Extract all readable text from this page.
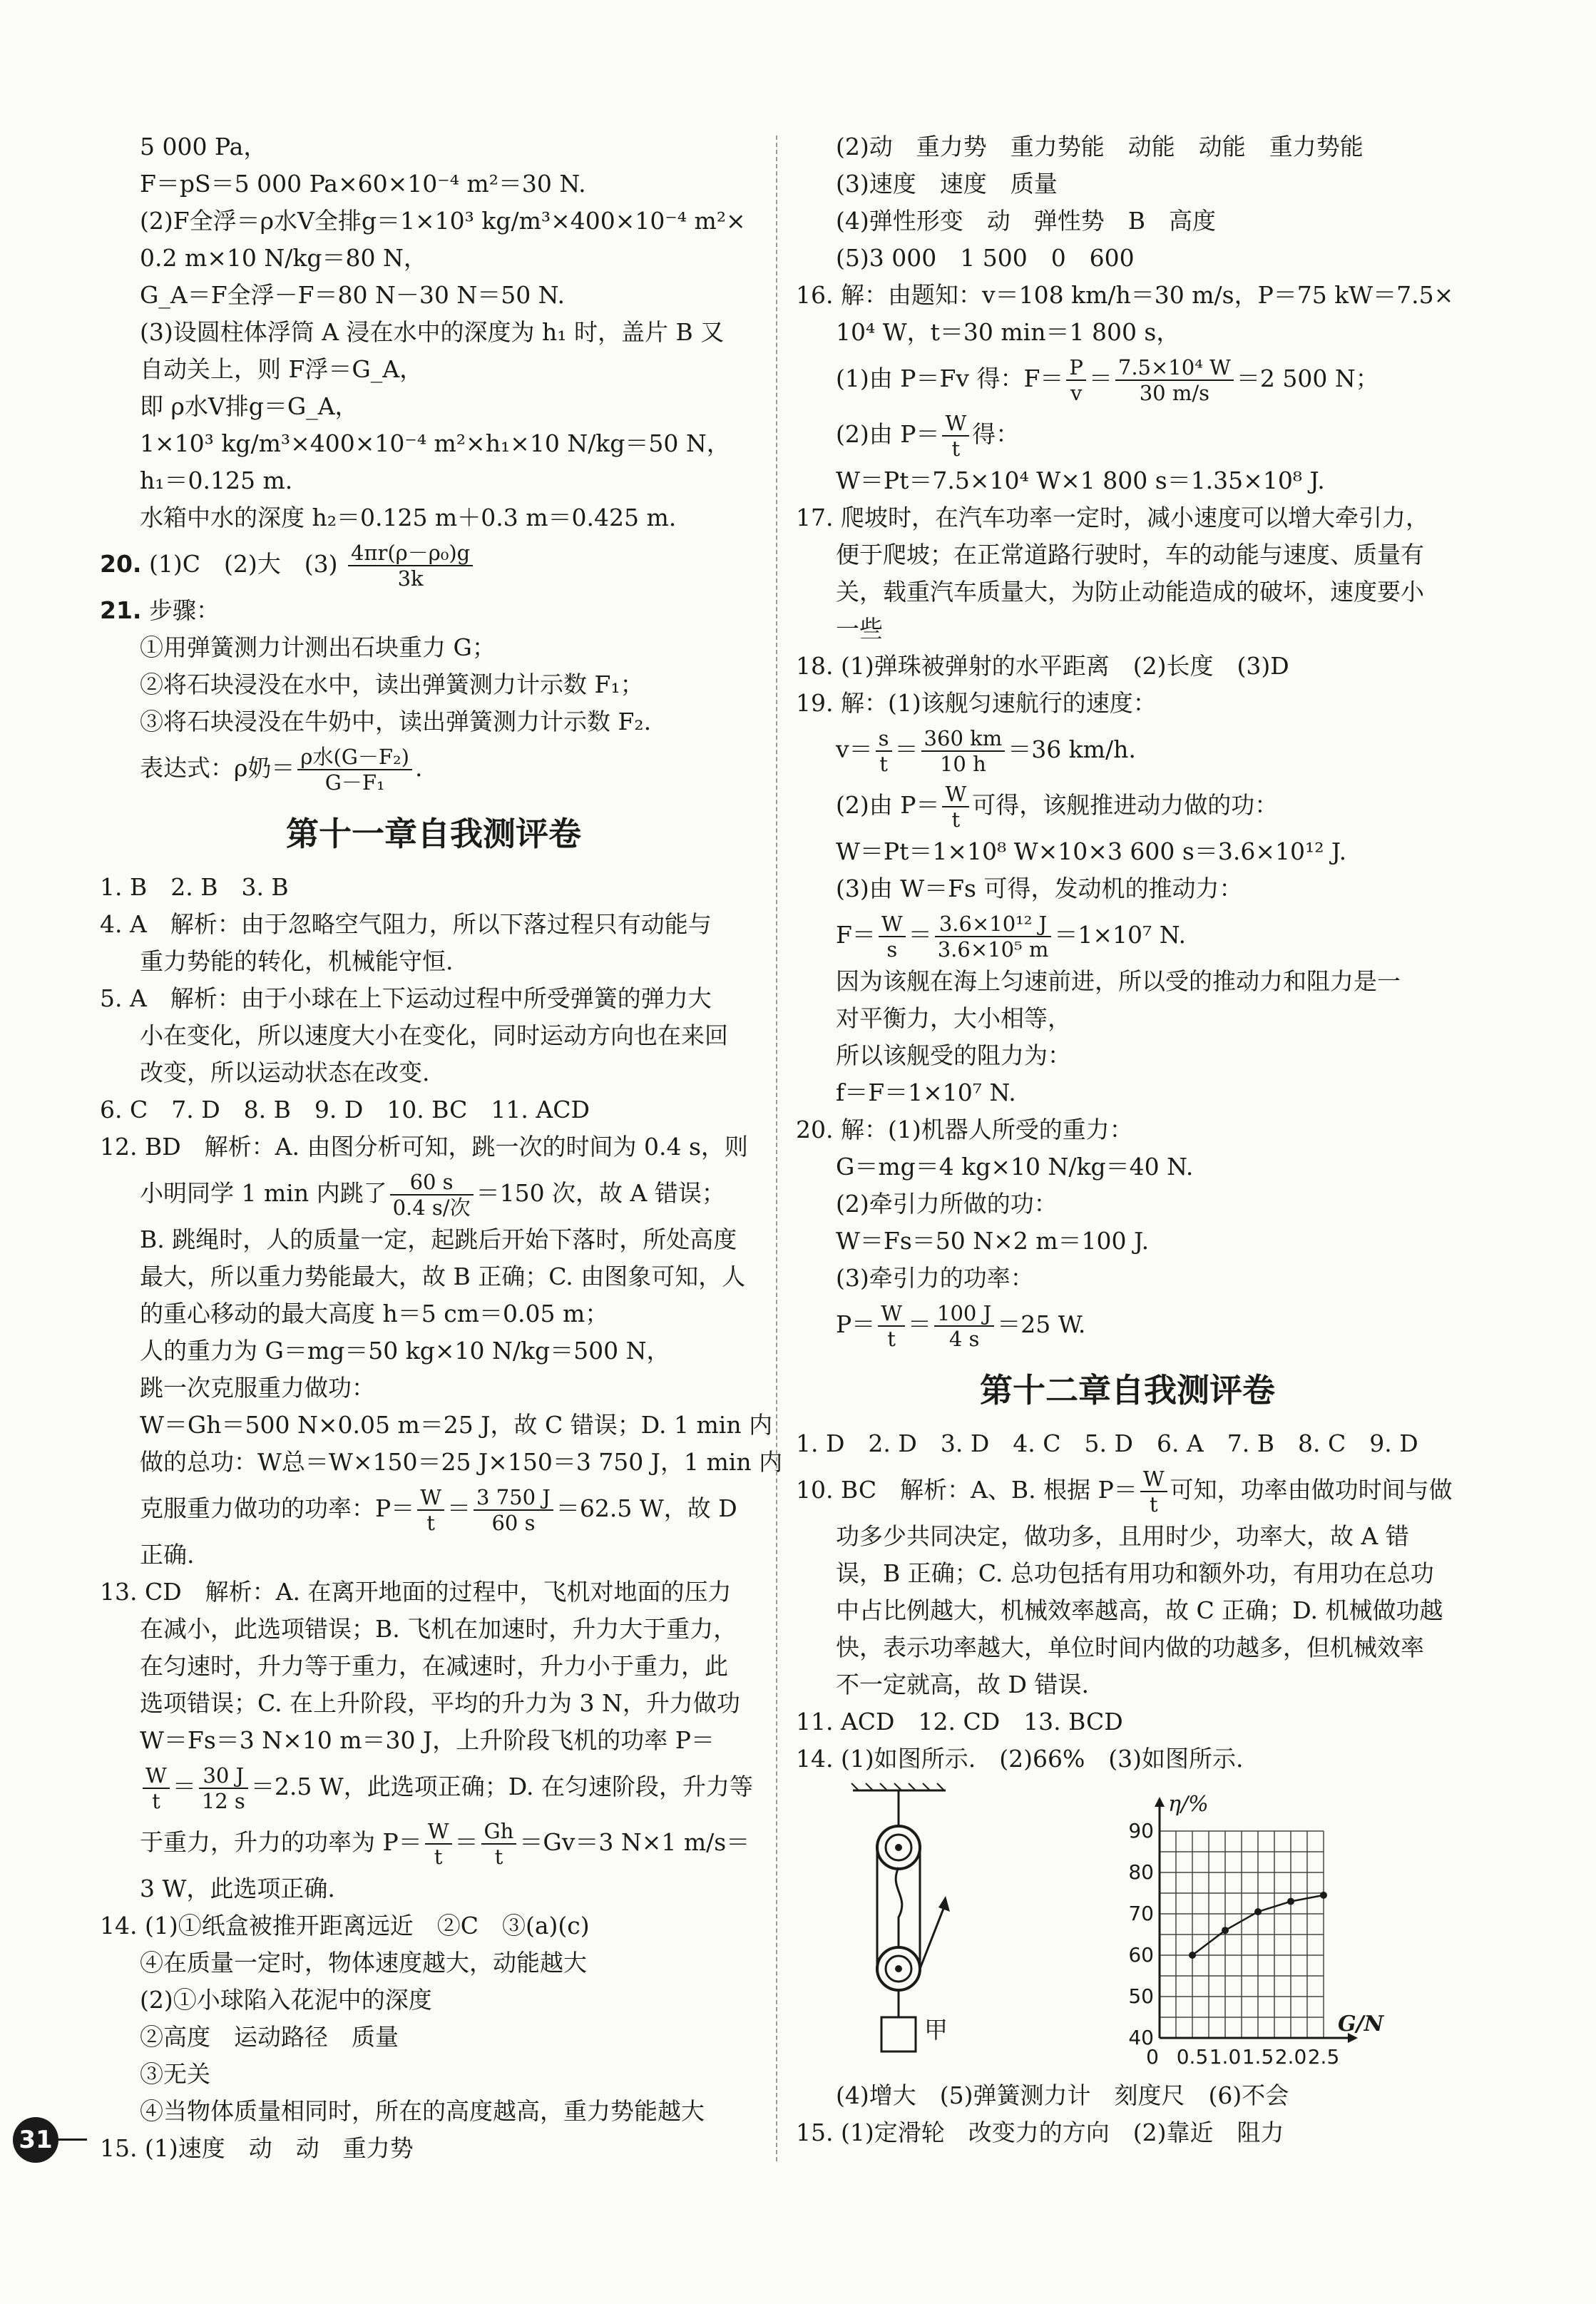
5 000 Pa，
F＝pS＝5 000 Pa×60×10⁻⁴ m²＝30 N.
(2)F全浮＝ρ水V全排g＝1×10³ kg/m³×400×10⁻⁴ m²×
0.2 m×10 N/kg＝80 N，
G_A＝F全浮－F＝80 N－30 N＝50 N.
(3)设圆柱体浮筒 A 浸在水中的深度为 h₁ 时，盖片 B 又
自动关上，则 F浮＝G_A，
即 ρ水V排g＝G_A，
1×10³ kg/m³×400×10⁻⁴ m²×h₁×10 N/kg＝50 N，
h₁＝0.125 m.
水箱中水的深度 h₂＝0.125 m＋0.3 m＝0.425 m.
20. (1)C　(2)大　$(3) \frac{\text{4πr(ρ－ρ₀)g}}{3k}$
21. 步骤：
①用弹簧测力计测出石块重力 G；
②将石块浸没在水中，读出弹簧测力计示数 F₁；
③将石块浸没在牛奶中，读出弹簧测力计示数 F₂.
表达式：ρ奶＝ $\frac{\text{ρ水(G－F₂)}}{\text{G－F₁}}$ .
第十一章自我测评卷
1. B　2. B　3. B
4. A　解析：由于忽略空气阻力，所以下落过程只有动能与
重力势能的转化，机械能守恒.
5. A　解析：由于小球在上下运动过程中所受弹簧的弹力大
小在变化，所以速度大小在变化，同时运动方向也在来回
改变，所以运动状态在改变.
6. C　7. D　8. B　9. D　10. BC　11. ACD
12. BD　解析：A. 由图分析可知，跳一次的时间为 0.4 s，则
小明同学 1 min 内跳了 $\frac{60 s}{\text{0.4 s/次}} =150$ 次，故 A 错误；
B. 跳绳时，人的质量一定，起跳后开始下落时，所处高度
最大，所以重力势能最大，故 B 正确；C. 由图象可知，人
的重心移动的最大高度 h＝5 cm＝0.05 m；
人的重力为 G＝mg＝50 kg×10 N/kg＝500 N，
跳一次克服重力做功：
W＝Gh＝500 N×0.05 m＝25 J，故 C 错误；D. 1 min 内
做的总功：W总＝W×150＝25 J×150＝3 750 J，1 min 内
克服重力做功的功率：$P= \frac{W}{t} = \frac{3 750 J}{60 s} =62.5$ W，故 D
正确.
13. CD　解析：A. 在离开地面的过程中，飞机对地面的压力
在减小，此选项错误；B. 飞机在加速时，升力大于重力，
在匀速时，升力等于重力，在减速时，升力小于重力，此
选项错误；C. 在上升阶段，平均的升力为 3 N，升力做功
W＝Fs＝3 N×10 m＝30 J，上升阶段飞机的功率 P＝
$\frac{W}{t} = \frac{30 J}{12 s} =2.5$ W，此选项正确；D. 在匀速阶段，升力等
于重力，升力的功率为 $P= \frac{W}{t} = \frac{Gh}{t} =Gv=3$ N×1 m/s＝
3 W，此选项正确.
14. (1)①纸盒被推开距离远近　②C　③(a)(c)
④在质量一定时，物体速度越大，动能越大
(2)①小球陷入花泥中的深度
②高度　运动路径　质量
③无关
④当物体质量相同时，所在的高度越高，重力势能越大
15. (1)速度　动　动　重力势
(2)动　重力势　重力势能　动能　动能　重力势能
(3)速度　速度　质量
(4)弹性形变　动　弹性势　B　高度
(5)3 000　1 500　0　600
16. 解：由题知：v＝108 km/h＝30 m/s，P＝75 kW＝7.5×
10⁴ W，t＝30 min＝1 800 s，
(1)由 P＝Fv 得：$F= \frac{P}{v} = \frac{\text{7.5×10⁴ W}}{30 m/s} =2$ 500 N；
(2)由 $P= \frac{W}{t}$ 得：
W＝Pt＝7.5×10⁴ W×1 800 s＝1.35×10⁸ J.
17. 爬坡时，在汽车功率一定时，减小速度可以增大牵引力，
便于爬坡；在正常道路行驶时，车的动能与速度、质量有
关，载重汽车质量大，为防止动能造成的破坏，速度要小
一些
18. (1)弹珠被弹射的水平距离　(2)长度　(3)D
19. 解：(1)该舰匀速航行的速度：
$v= \frac{s}{t} = \frac{360 km}{10 h} =36$ km/h.
(2)由 $P= \frac{W}{t}$ 可得，该舰推进动力做的功：
W＝Pt＝1×10⁸ W×10×3 600 s＝3.6×10¹² J.
(3)由 W＝Fs 可得，发动机的推动力：
$F= \frac{W}{s} = \frac{\text{3.6×10¹² J}}{\text{3.6×10⁵ m}} =1\times 10^7$ N.
因为该舰在海上匀速前进，所以受的推动力和阻力是一
对平衡力，大小相等，
所以该舰受的阻力为：
f＝F＝1×10⁷ N.
20. 解：(1)机器人所受的重力：
G＝mg＝4 kg×10 N/kg＝40 N.
(2)牵引力所做的功：
W＝Fs＝50 N×2 m＝100 J.
(3)牵引力的功率：
$P= \frac{W}{t} = \frac{100 J}{4 s} =25$ W.
第十二章自我测评卷
1. D　2. D　3. D　4. C　5. D　6. A　7. B　8. C　9. D
10. BC　解析：A、B. 根据 $P= \frac{W}{t}$ 可知，功率由做功时间与做
功多少共同决定，做功多，且用时少，功率大，故 A 错
误，B 正确；C. 总功包括有用功和额外功，有用功在总功
中占比例越大，机械效率越高，故 C 正确；D. 机械做功越
快，表示功率越大，单位时间内做的功越多，但机械效率
不一定就高，故 D 错误.
11. ACD　12. CD　13. BCD
14. (1)如图所示.　(2)66%　(3)如图所示.
甲	40
50
60
70
80
90
0 0.5 1.0 1.5 2.0 2.5
η/%
G/N
(4)增大　(5)弹簧测力计　刻度尺　(6)不会
15. (1)定滑轮　改变力的方向　(2)靠近　阻力
31
